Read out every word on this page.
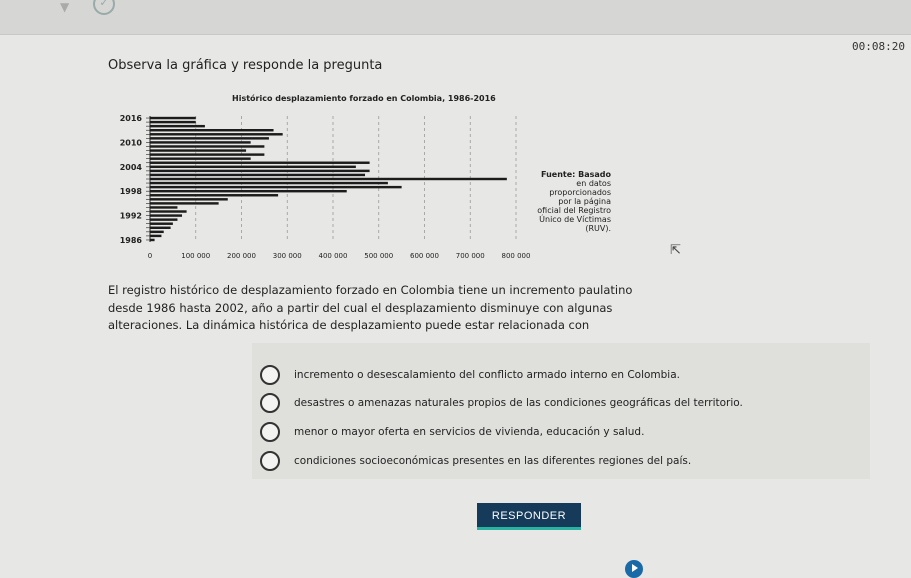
▼	✓
00:08:20
Observa la gráfica y responde la pregunta
0	100 000 200 000 300 000 400 000 500 000 600 000 700 000 800 000
2016
2010
2004
1998
1992
1986
Histórico desplazamiento forzado en Colombia, 1986-2016
Fuente: Basado
en datos
proporcionados
por la página
oficial del Registro
Único de Víctimas
(RUV).
El registro histórico de desplazamiento forzado en Colombia tiene un incremento paulatino desde 1986 hasta 2002, año a partir del cual el desplazamiento disminuye con algunas alteraciones. La dinámica histórica de desplazamiento puede estar relacionada con
incremento o desescalamiento del conflicto armado interno en Colombia.
desastres o amenazas naturales propios de las condiciones geográficas del territorio.
menor o mayor oferta en servicios de vivienda, educación y salud.
condiciones socioeconómicas presentes en las diferentes regiones del país.
RESPONDER
⇱
